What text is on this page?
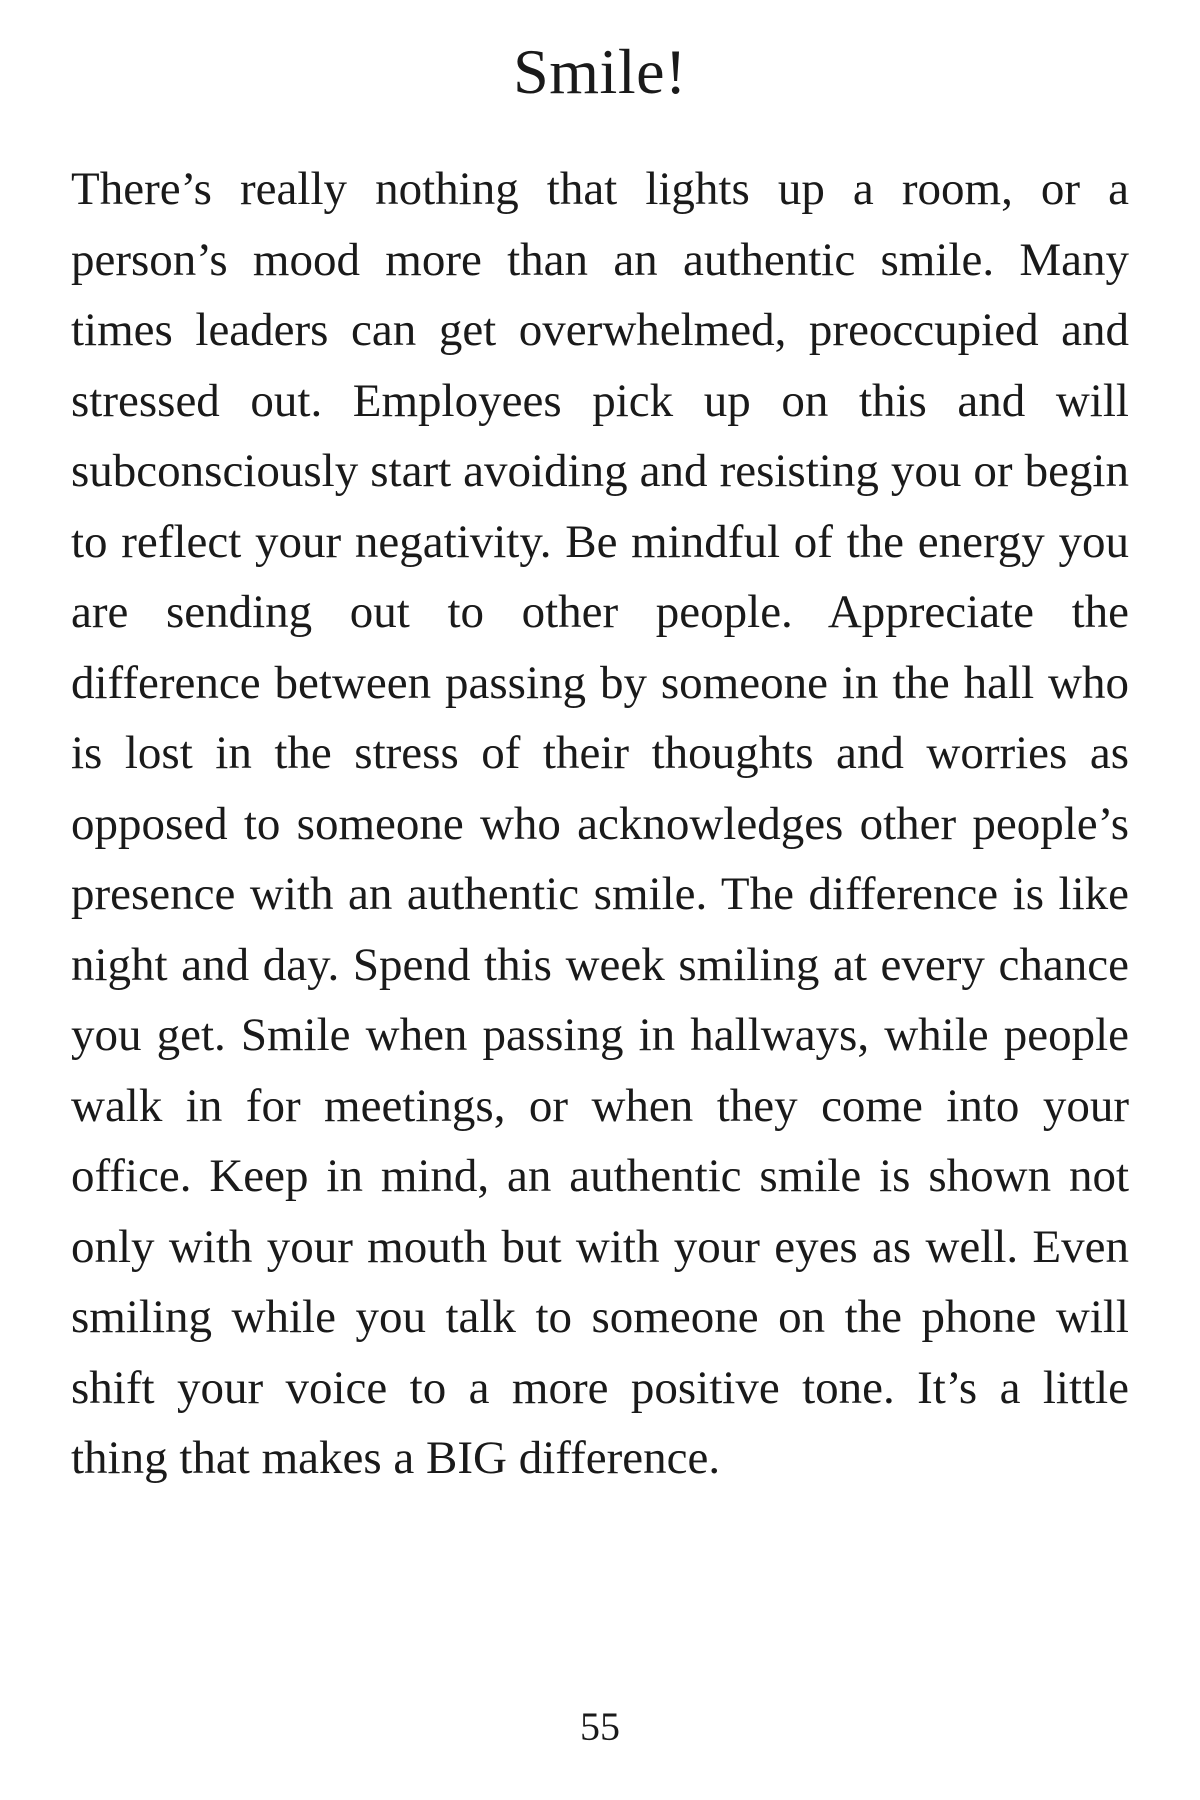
Smile!

There’s really nothing that lights up a room, or a person’s mood more than an authentic smile. Many times leaders can get overwhelmed, preoccupied and stressed out. Employees pick up on this and will subconsciously start avoiding and resisting you or begin to reflect your negativity. Be mindful of the energy you are sending out to other people. Appreciate the difference between passing by someone in the hall who is lost in the stress of their thoughts and worries as opposed to someone who acknowledges other people’s presence with an authentic smile. The difference is like night and day. Spend this week smiling at every chance you get. Smile when passing in hallways, while people walk in for meetings, or when they come into your office. Keep in mind, an authentic smile is shown not only with your mouth but with your eyes as well. Even smiling while you talk to someone on the phone will shift your voice to a more positive tone. It’s a little thing that makes a BIG difference.

55
